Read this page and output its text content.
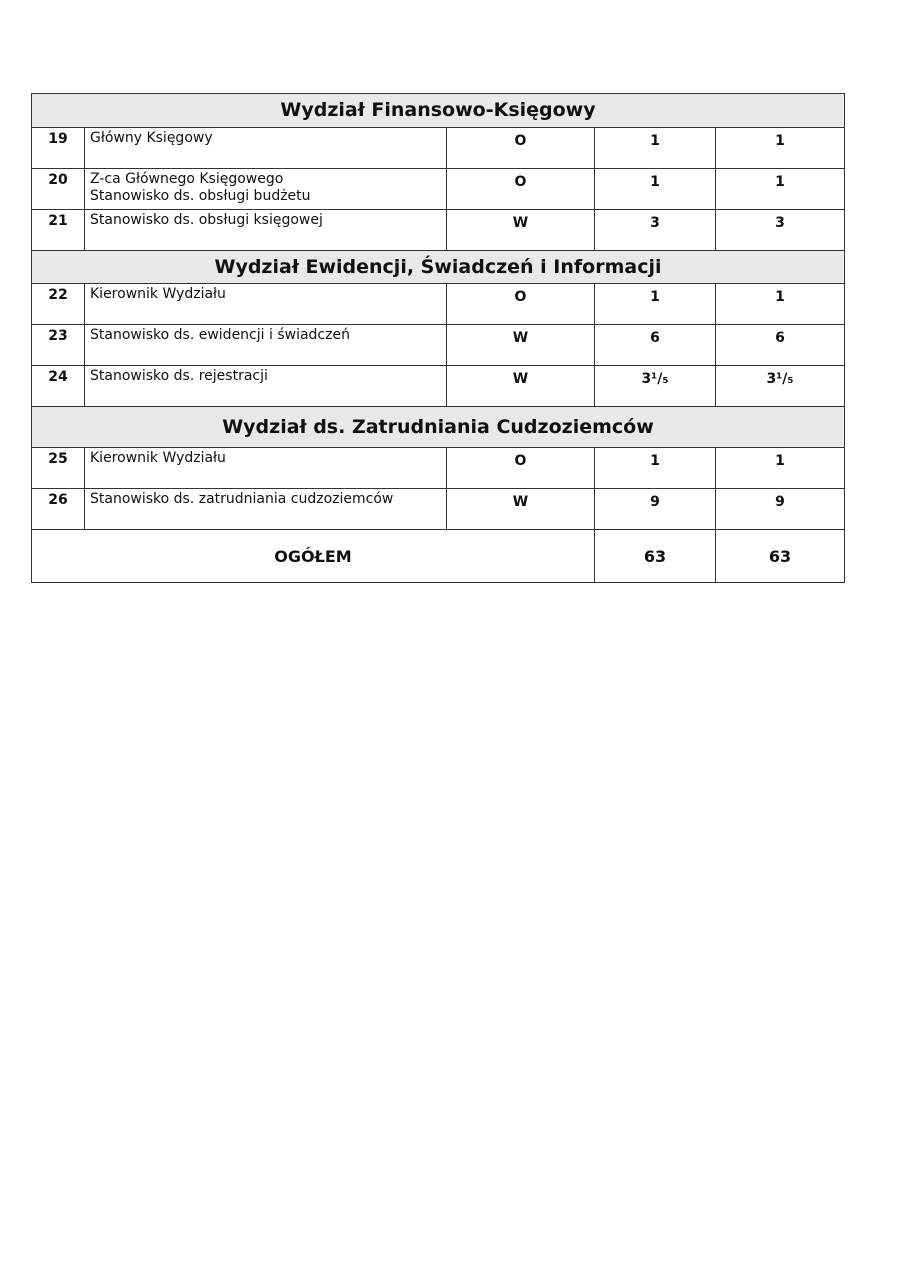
Wydział Finansowo-Księgowy				
19	Główny Księgowy	O	1	1
20	Z-ca Głównego Księgowego
Stanowisko ds. obsługi budżetu	O	1	1
21	Stanowisko ds. obsługi księgowej	W	3	3
Wydział Ewidencji, Świadczeń i Informacji				
22	Kierownik Wydziału	O	1	1
23	Stanowisko ds. ewidencji i świadczeń	W	6	6
24	Stanowisko ds. rejestracji	W	3¹/₅	3¹/₅
Wydział ds. Zatrudniania Cudzoziemców				
25	Kierownik Wydziału	O	1	1
26	Stanowisko ds. zatrudniania cudzoziemców	W	9	9
OGÓŁEM			63	63
